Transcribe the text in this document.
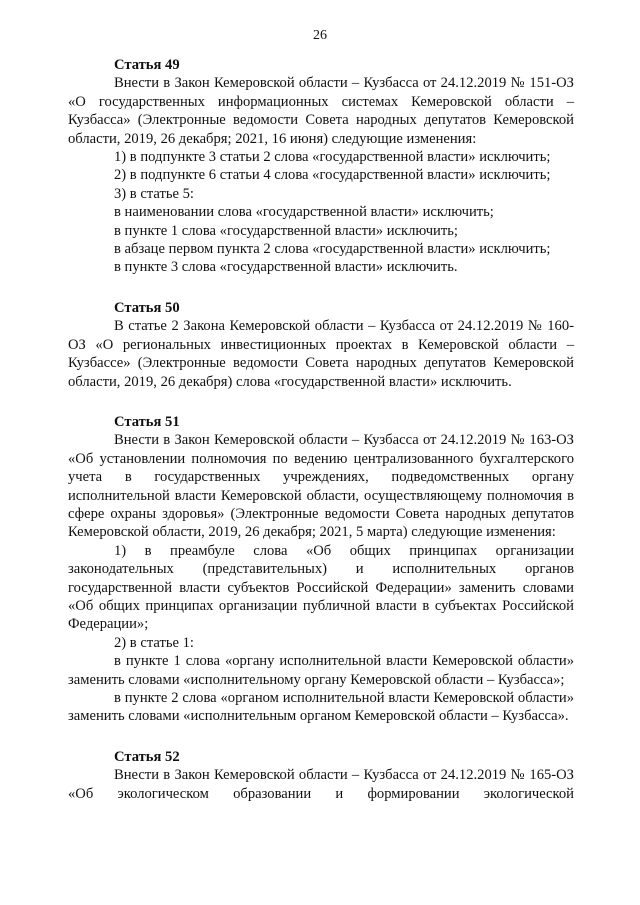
26

Статья 49

Внести в Закон Кемеровской области – Кузбасса от 24.12.2019 № 151-ОЗ «О государственных информационных системах Кемеровской области – Кузбасса» (Электронные ведомости Совета народных депутатов Кемеровской области, 2019, 26 декабря; 2021, 16 июня) следующие изменения:

1) в подпункте 3 статьи 2 слова «государственной власти» исключить;

2) в подпункте 6 статьи 4 слова «государственной власти» исключить;

3) в статье 5:

в наименовании слова «государственной власти» исключить;

в пункте 1 слова «государственной власти» исключить;

в абзаце первом пункта 2 слова «государственной власти» исключить;

в пункте 3 слова «государственной власти» исключить.

Статья 50

В статье 2 Закона Кемеровской области – Кузбасса от 24.12.2019 № 160-ОЗ «О региональных инвестиционных проектах в Кемеровской области – Кузбассе» (Электронные ведомости Совета народных депутатов Кемеровской области, 2019, 26 декабря) слова «государственной власти» исключить.

Статья 51

Внести в Закон Кемеровской области – Кузбасса от 24.12.2019 № 163-ОЗ «Об установлении полномочия по ведению централизованного бухгалтерского учета в государственных учреждениях, подведомственных органу исполнительной власти Кемеровской области, осуществляющему полномочия в сфере охраны здоровья» (Электронные ведомости Совета народных депутатов Кемеровской области, 2019, 26 декабря; 2021, 5 марта) следующие изменения:

1) в преамбуле слова «Об общих принципах организации законодательных (представительных) и исполнительных органов государственной власти субъектов Российской Федерации» заменить словами «Об общих принципах организации публичной власти в субъектах Российской Федерации»;

2) в статье 1:

в пункте 1 слова «органу исполнительной власти Кемеровской области» заменить словами «исполнительному органу Кемеровской области – Кузбасса»;

в пункте 2 слова «органом исполнительной власти Кемеровской области» заменить словами «исполнительным органом Кемеровской области – Кузбасса».

Статья 52

Внести в Закон Кемеровской области – Кузбасса от 24.12.2019 № 165-ОЗ «Об экологическом образовании и формировании экологической
